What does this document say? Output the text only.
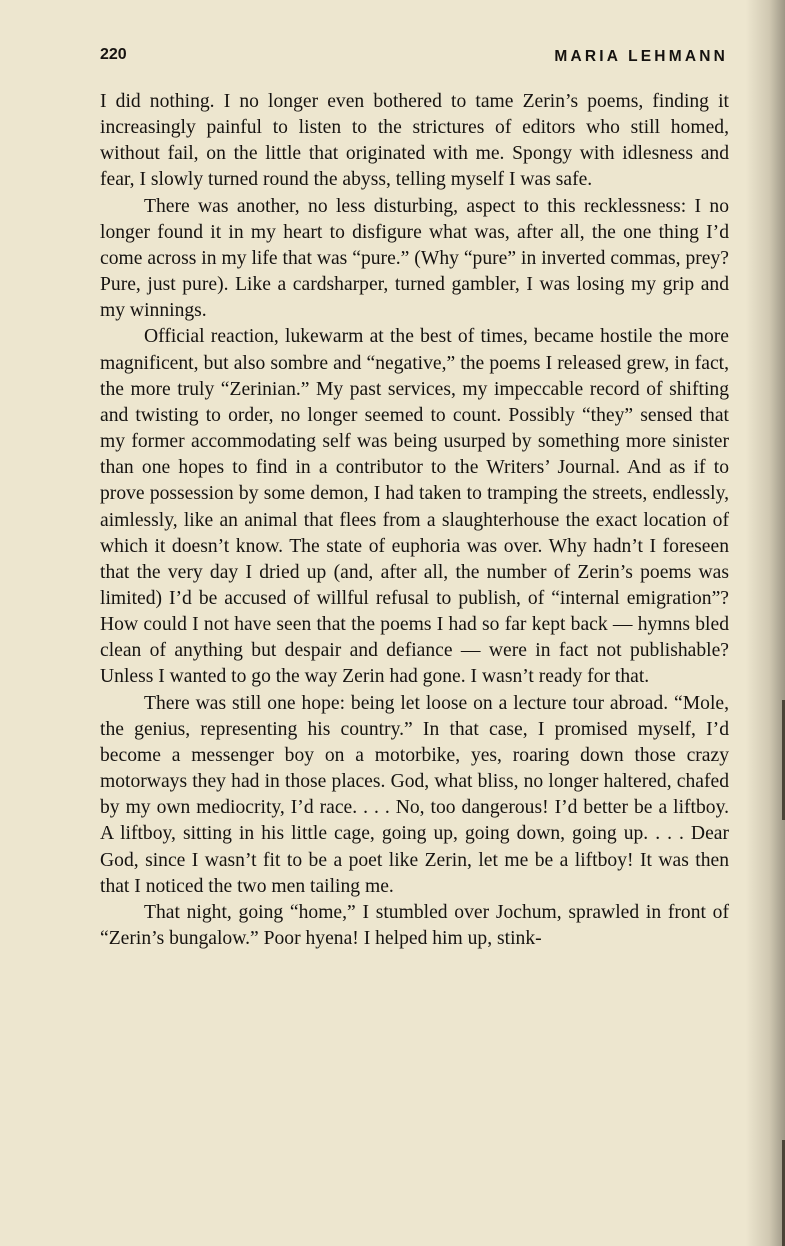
220	MARIA LEHMANN

I did nothing. I no longer even bothered to tame Zerin’s poems, finding it increasingly painful to listen to the strictures of editors who still homed, without fail, on the little that originated with me. Spongy with idlesness and fear, I slowly turned round the abyss, telling myself I was safe.

There was another, no less disturbing, aspect to this recklessness: I no longer found it in my heart to disfigure what was, after all, the one thing I’d come across in my life that was “pure.” (Why “pure” in inverted commas, prey? Pure, just pure). Like a cardsharper, turned gambler, I was losing my grip and my winnings.

Official reaction, lukewarm at the best of times, became hostile the more magnificent, but also sombre and “negative,” the poems I released grew, in fact, the more truly “Zerinian.” My past services, my impeccable record of shifting and twisting to order, no longer seemed to count. Possibly “they” sensed that my former accommodating self was being usurped by something more sinister than one hopes to find in a contributor to the Writers’ Journal. And as if to prove possession by some demon, I had taken to tramping the streets, endlessly, aimlessly, like an animal that flees from a slaughterhouse the exact location of which it doesn’t know. The state of euphoria was over. Why hadn’t I foreseen that the very day I dried up (and, after all, the number of Zerin’s poems was limited) I’d be accused of willful refusal to publish, of “internal emigration”? How could I not have seen that the poems I had so far kept back — hymns bled clean of anything but despair and defiance — were in fact not publishable? Unless I wanted to go the way Zerin had gone. I wasn’t ready for that.

There was still one hope: being let loose on a lecture tour abroad. “Mole, the genius, representing his country.” In that case, I promised myself, I’d become a messenger boy on a motorbike, yes, roaring down those crazy motorways they had in those places. God, what bliss, no longer haltered, chafed by my own mediocrity, I’d race. . . . No, too dangerous! I’d better be a liftboy. A liftboy, sitting in his little cage, going up, going down, going up. . . . Dear God, since I wasn’t fit to be a poet like Zerin, let me be a liftboy! It was then that I noticed the two men tailing me.

That night, going “home,” I stumbled over Jochum, sprawled in front of “Zerin’s bungalow.” Poor hyena! I helped him up, stink-
